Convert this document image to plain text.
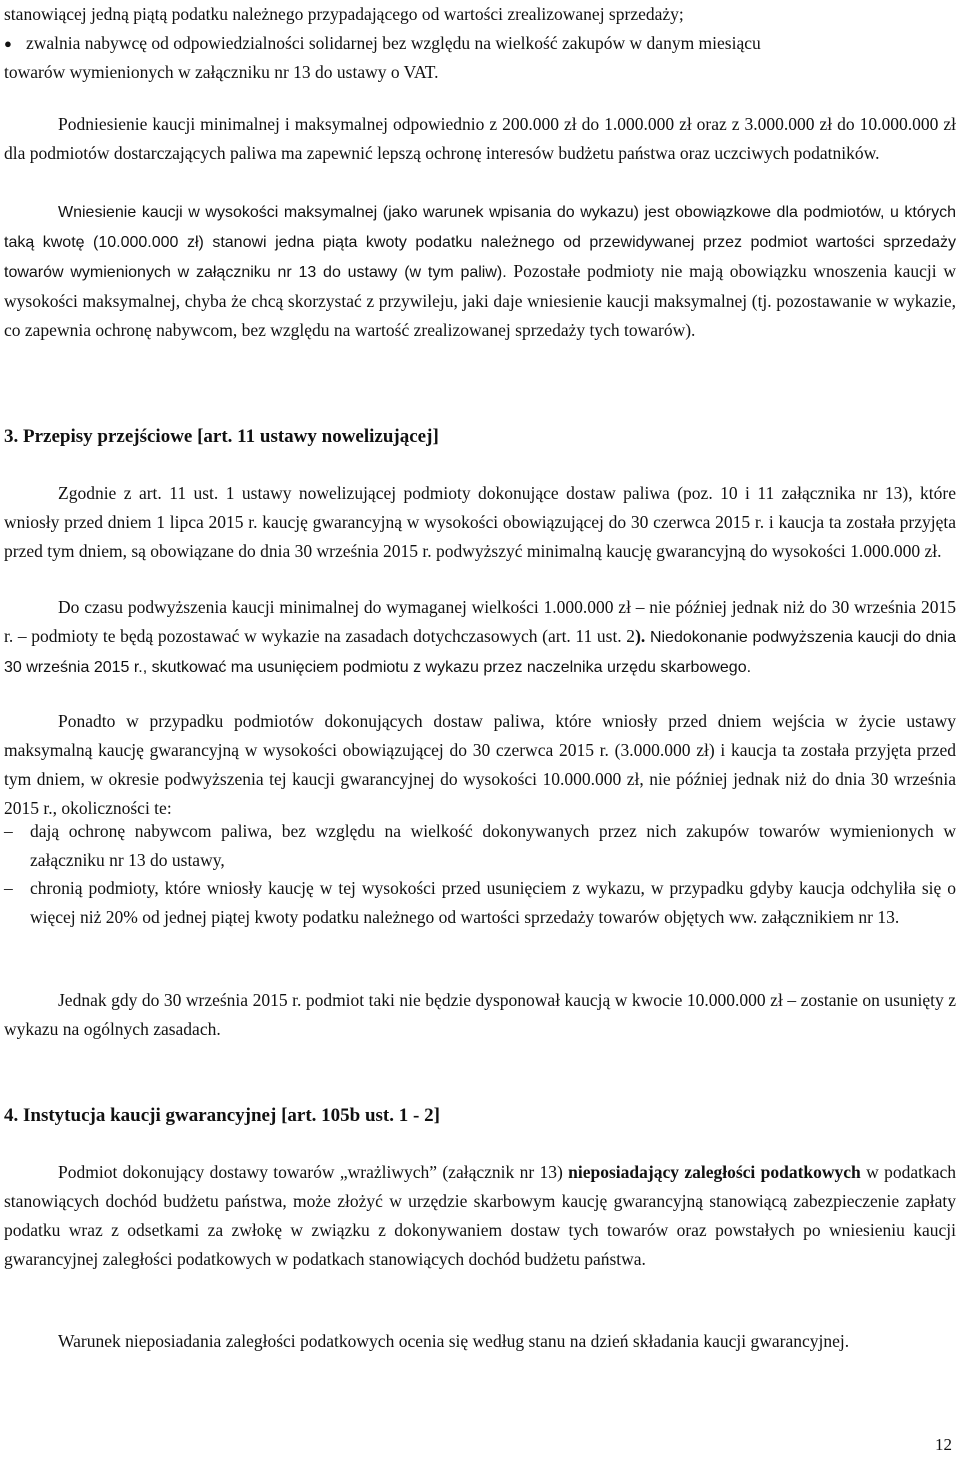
stanowiącej jedną piątą podatku należnego przypadającego od wartości zrealizowanej sprzedaży;

● zwalnia nabywcę od odpowiedzialności solidarnej bez względu na wielkość zakupów w danym miesiącu
towarów wymienionych w załączniku nr 13 do ustawy o VAT.

Podniesienie kaucji minimalnej i maksymalnej odpowiednio z 200.000 zł do 1.000.000 zł oraz z 3.000.000 zł do 10.000.000 zł dla podmiotów dostarczających paliwa ma zapewnić lepszą ochronę interesów budżetu państwa oraz uczciwych podatników.

Wniesienie kaucji w wysokości maksymalnej (jako warunek wpisania do wykazu) jest obowiązkowe dla podmiotów, u których taką kwotę (10.000.000 zł) stanowi jedna piąta kwoty podatku należnego od przewidywanej przez podmiot wartości sprzedaży towarów wymienionych w załączniku nr 13 do ustawy (w tym paliw). Pozostałe podmioty nie mają obowiązku wnoszenia kaucji w wysokości maksymalnej, chyba że chcą skorzystać z przywileju, jaki daje wniesienie kaucji maksymalnej (tj. pozostawanie w wykazie, co zapewnia ochronę nabywcom, bez względu na wartość zrealizowanej sprzedaży tych towarów).

3. Przepisy przejściowe [art. 11 ustawy nowelizującej]

Zgodnie z art. 11 ust. 1 ustawy nowelizującej podmioty dokonujące dostaw paliwa (poz. 10 i 11 załącznika nr 13), które wniosły przed dniem 1 lipca 2015 r. kaucję gwarancyjną w wysokości obowiązującej do 30 czerwca 2015 r. i kaucja ta została przyjęta przed tym dniem, są obowiązane do dnia 30 września 2015 r. podwyższyć minimalną kaucję gwarancyjną do wysokości 1.000.000 zł.

Do czasu podwyższenia kaucji minimalnej do wymaganej wielkości 1.000.000 zł – nie później jednak niż do 30 września 2015 r. – podmioty te będą pozostawać w wykazie na zasadach dotychczasowych (art. 11 ust. 2). Niedokonanie podwyższenia kaucji do dnia 30 września 2015 r., skutkować ma usunięciem podmiotu z wykazu przez naczelnika urzędu skarbowego.

Ponadto w przypadku podmiotów dokonujących dostaw paliwa, które wniosły przed dniem wejścia w życie ustawy maksymalną kaucję gwarancyjną w wysokości obowiązującej do 30 czerwca 2015 r. (3.000.000 zł) i kaucja ta została przyjęta przed tym dniem, w okresie podwyższenia tej kaucji gwarancyjnej do wysokości 10.000.000 zł, nie później jednak niż do dnia 30 września 2015 r., okoliczności te:

– dają ochronę nabywcom paliwa, bez względu na wielkość dokonywanych przez nich zakupów towarów wymienionych w załączniku nr 13 do ustawy,
– chronią podmioty, które wniosły kaucję w tej wysokości przed usunięciem z wykazu, w przypadku gdyby kaucja odchyliła się o więcej niż 20% od jednej piątej kwoty podatku należnego od wartości sprzedaży towarów objętych ww. załącznikiem nr 13.

Jednak gdy do 30 września 2015 r. podmiot taki nie będzie dysponował kaucją w kwocie 10.000.000 zł – zostanie on usunięty z wykazu na ogólnych zasadach.

4. Instytucja kaucji gwarancyjnej [art. 105b ust. 1 - 2]

Podmiot dokonujący dostawy towarów „wrażliwych” (załącznik nr 13) nieposiadający zaległości podatkowych w podatkach stanowiących dochód budżetu państwa, może złożyć w urzędzie skarbowym kaucję gwarancyjną stanowiącą zabezpieczenie zapłaty podatku wraz z odsetkami za zwłokę w związku z dokonywaniem dostaw tych towarów oraz powstałych po wniesieniu kaucji gwarancyjnej zaległości podatkowych w podatkach stanowiących dochód budżetu państwa.

Warunek nieposiadania zaległości podatkowych ocenia się według stanu na dzień składania kaucji gwarancyjnej.

12
